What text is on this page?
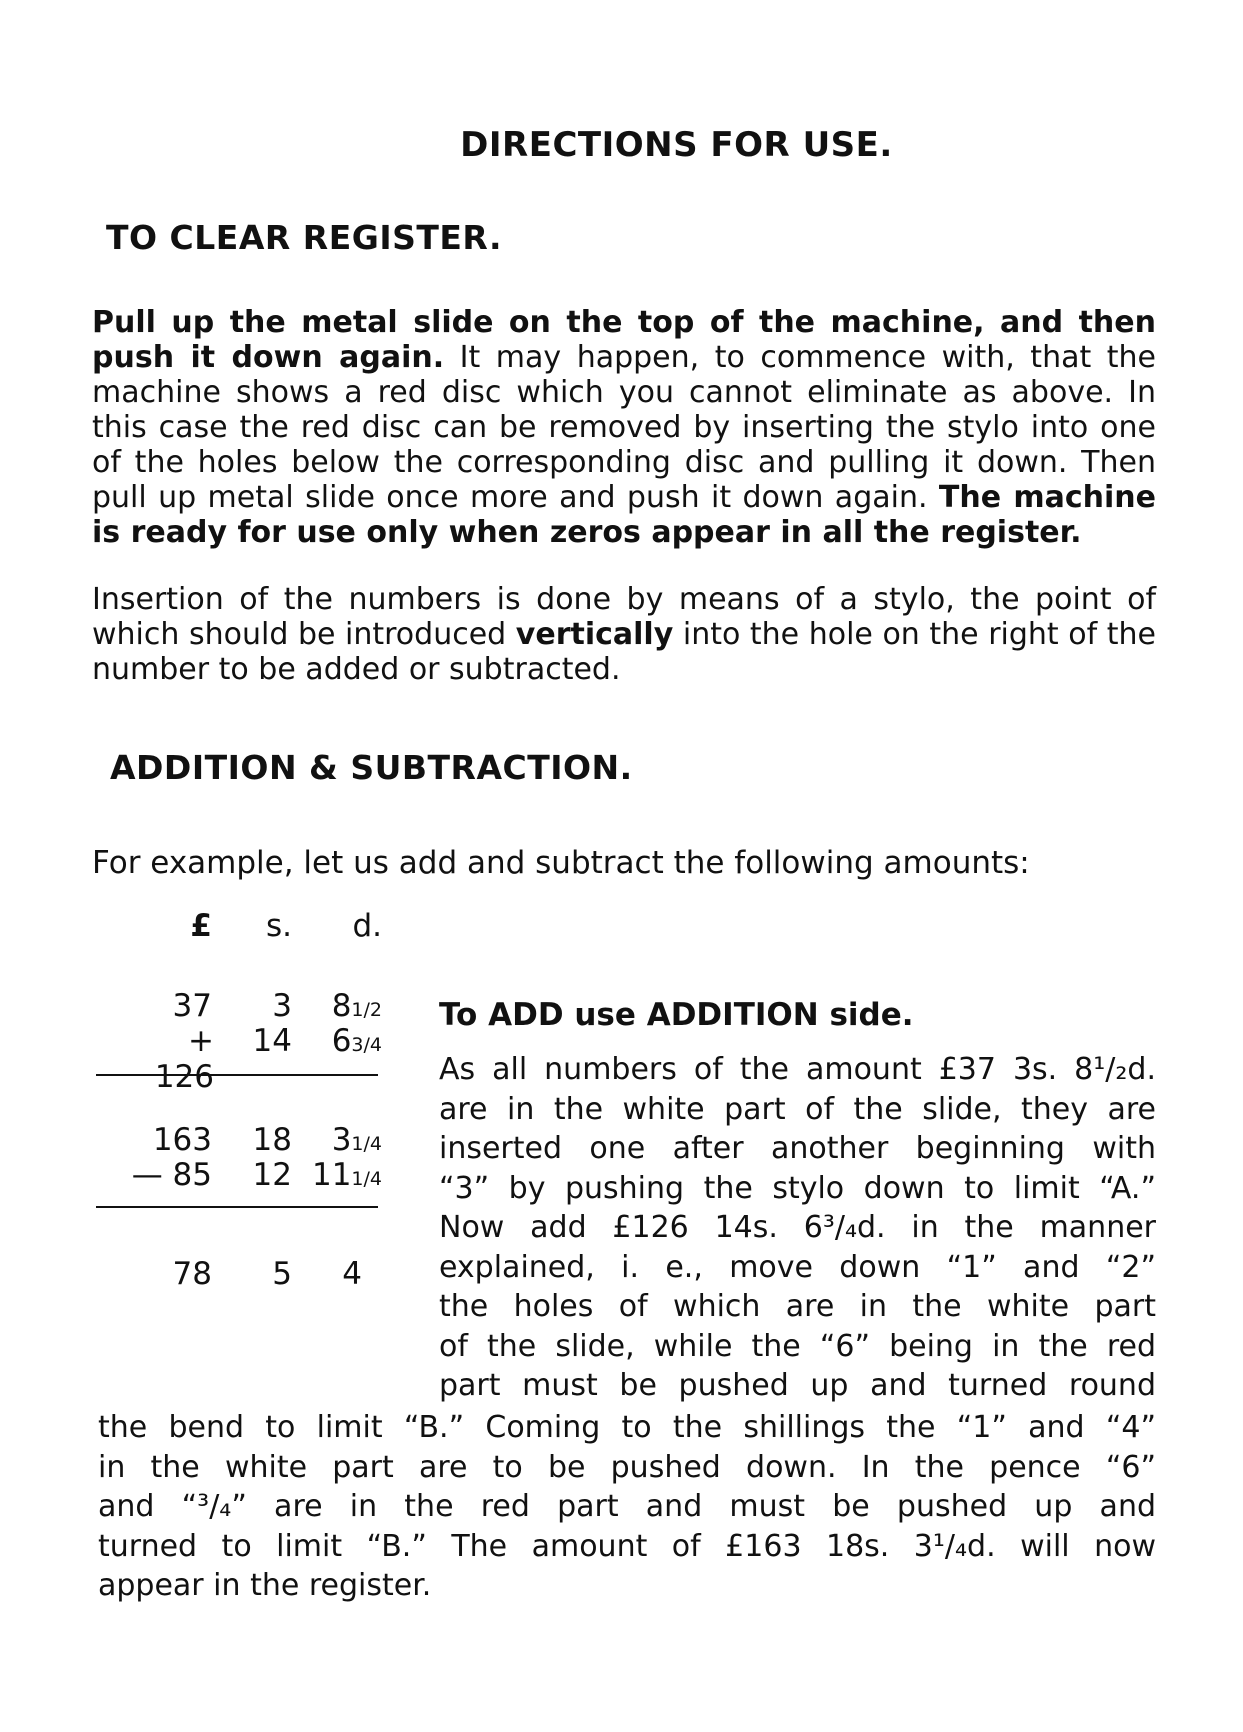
DIRECTIONS FOR USE.
TO CLEAR REGISTER.
Pull up the metal slide on the top of the machine, and then push it down again. It may happen, to commence with, that the machine shows a red disc which you cannot eliminate as above. In this case the red disc can be removed by inserting the stylo into one of the holes below the corresponding disc and pulling it down. Then pull up metal slide once more and push it down again. The machine is ready for use only when zeros appear in all the register.
Insertion of the numbers is done by means of a stylo, the point of which should be introduced vertically into the hole on the right of the number to be added or subtracted.
ADDITION & SUBTRACTION.
For example, let us add and subtract the following amounts:
£ s. d.
37 3 81/2
+ 126
14 63/4
163 18 31/4
— 85 12 111/4
78 5 4
To ADD use ADDITION side.
As all numbers of the amount £37 3s. 8¹/₂d.
are in the white part of the slide, they are
inserted one after another beginning with
“3” by pushing the stylo down to limit “A.”
Now add £126 14s. 6³/₄d. in the manner
explained, i. e., move down “1” and “2”
the holes of which are in the white part
of the slide, while the “6” being in the red
part must be pushed up and turned round
the bend to limit “B.” Coming to the shillings the “1” and “4”
in the white part are to be pushed down. In the pence “6”
and “³/₄” are in the red part and must be pushed up and
turned to limit “B.” The amount of £163 18s. 3¹/₄d. will now
appear in the register.
